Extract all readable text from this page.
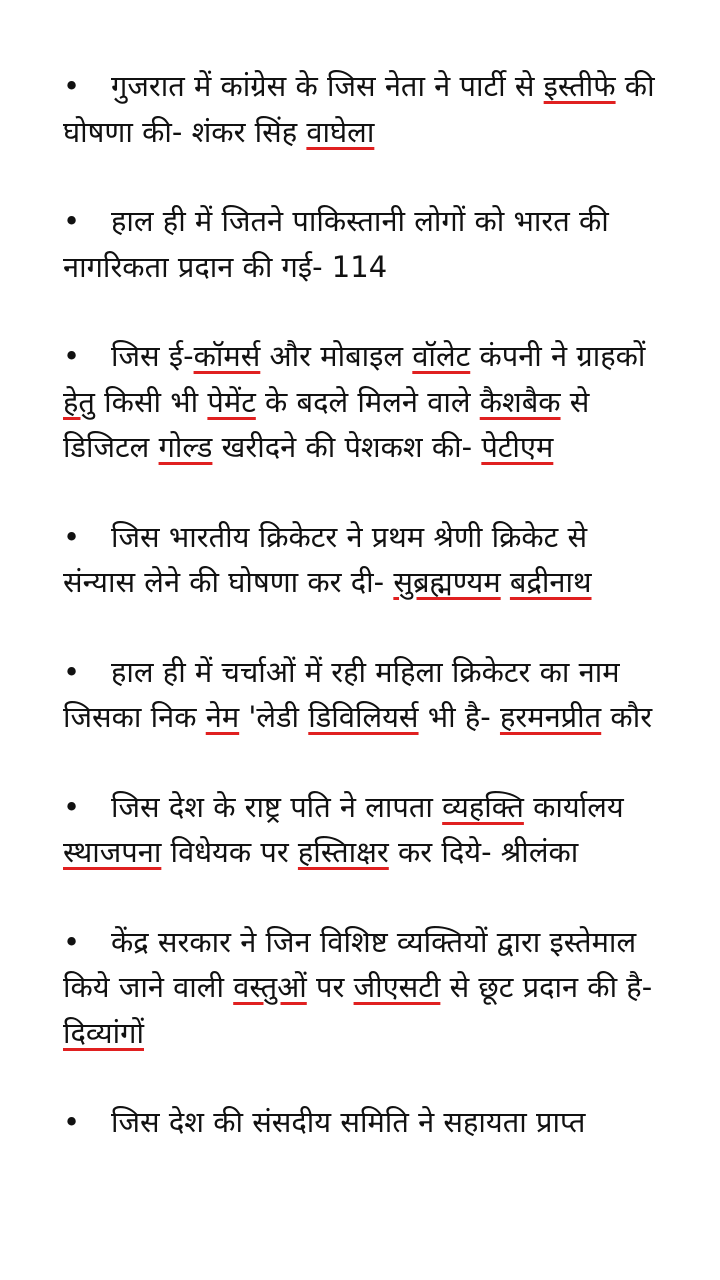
• गुजरात में कांग्रेस के जिस नेता ने पार्टी से इस्तीफे की घोषणा की- शंकर सिंह वाघेला
• हाल ही में जितने पाकिस्तानी लोगों को भारत की नागरिकता प्रदान की गई- 114
• जिस ई-कॉमर्स और मोबाइल वॉलेट कंपनी ने ग्राहकों हेतु किसी भी पेमेंट के बदले मिलने वाले कैशबैक से डिजिटल गोल्ड खरीदने की पेशकश की- पेटीएम
• जिस भारतीय क्रिकेटर ने प्रथम श्रेणी क्रिकेट से संन्यास लेने की घोषणा कर दी- सुब्रह्मण्यम बद्रीनाथ
• हाल ही में चर्चाओं में रही महिला क्रिकेटर का नाम जिसका निक नेम 'लेडी डिविलियर्स भी है- हरमनप्रीत कौर
• जिस देश के राष्ट्र पति ने लापता व्यहक्ति कार्यालय स्थाजपना विधेयक पर हस्तिाक्षर कर दिये- श्रीलंका
• केंद्र सरकार ने जिन विशिष्ट व्यक्तियों द्वारा इस्तेमाल किये जाने वाली वस्तुओं पर जीएसटी से छूट प्रदान की है- दिव्यांगों
• जिस देश की संसदीय समिति ने सहायता प्राप्त
